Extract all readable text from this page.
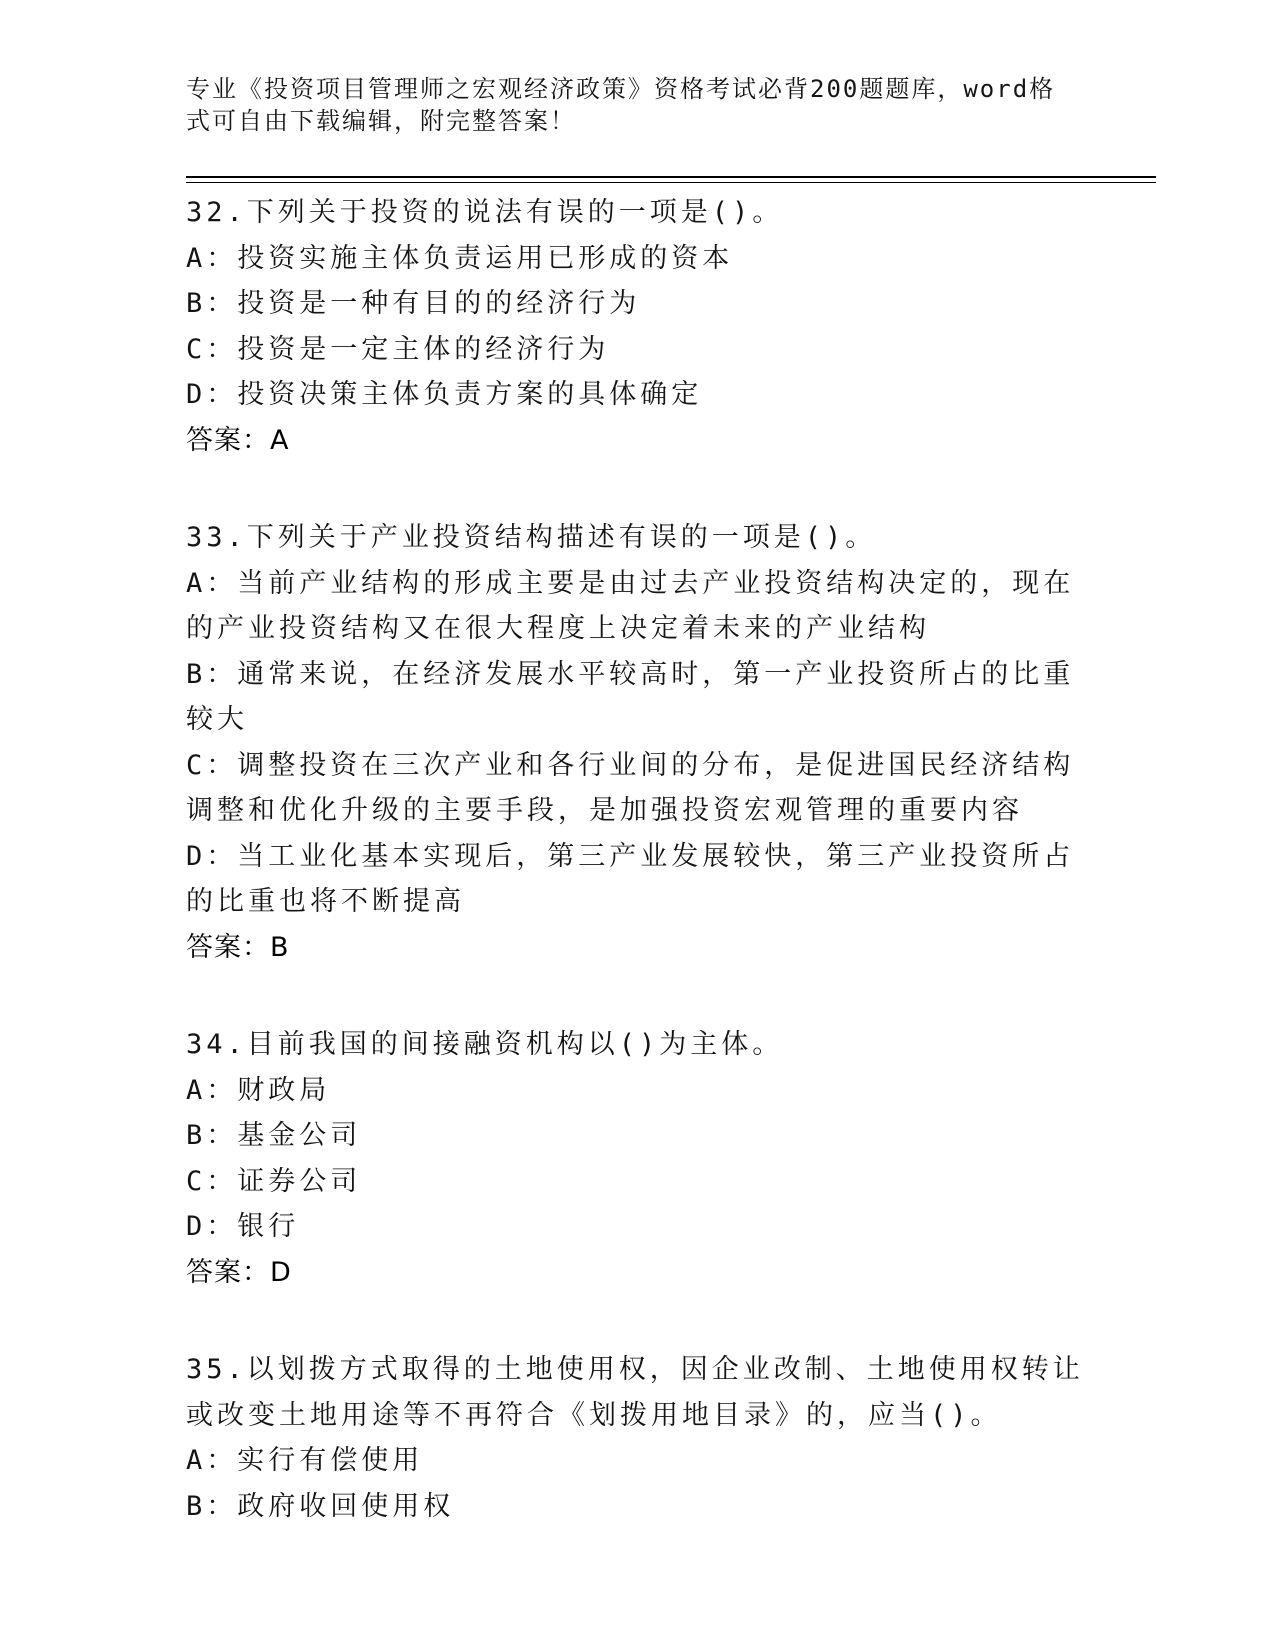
专业《投资项目管理师之宏观经济政策》资格考试必背200题题库，word格式可自由下载编辑，附完整答案！
32.下列关于投资的说法有误的一项是()。
A：投资实施主体负责运用已形成的资本
B：投资是一种有目的的经济行为
C：投资是一定主体的经济行为
D：投资决策主体负责方案的具体确定
答案：A
33.下列关于产业投资结构描述有误的一项是()。
A：当前产业结构的形成主要是由过去产业投资结构决定的，现在的产业投资结构又在很大程度上决定着未来的产业结构
B：通常来说，在经济发展水平较高时，第一产业投资所占的比重较大
C：调整投资在三次产业和各行业间的分布，是促进国民经济结构调整和优化升级的主要手段，是加强投资宏观管理的重要内容
D：当工业化基本实现后，第三产业发展较快，第三产业投资所占的比重也将不断提高
答案：B
34.目前我国的间接融资机构以()为主体。
A：财政局
B：基金公司
C：证券公司
D：银行
答案：D
35.以划拨方式取得的土地使用权，因企业改制、土地使用权转让或改变土地用途等不再符合《划拨用地目录》的，应当()。
A：实行有偿使用
B：政府收回使用权
